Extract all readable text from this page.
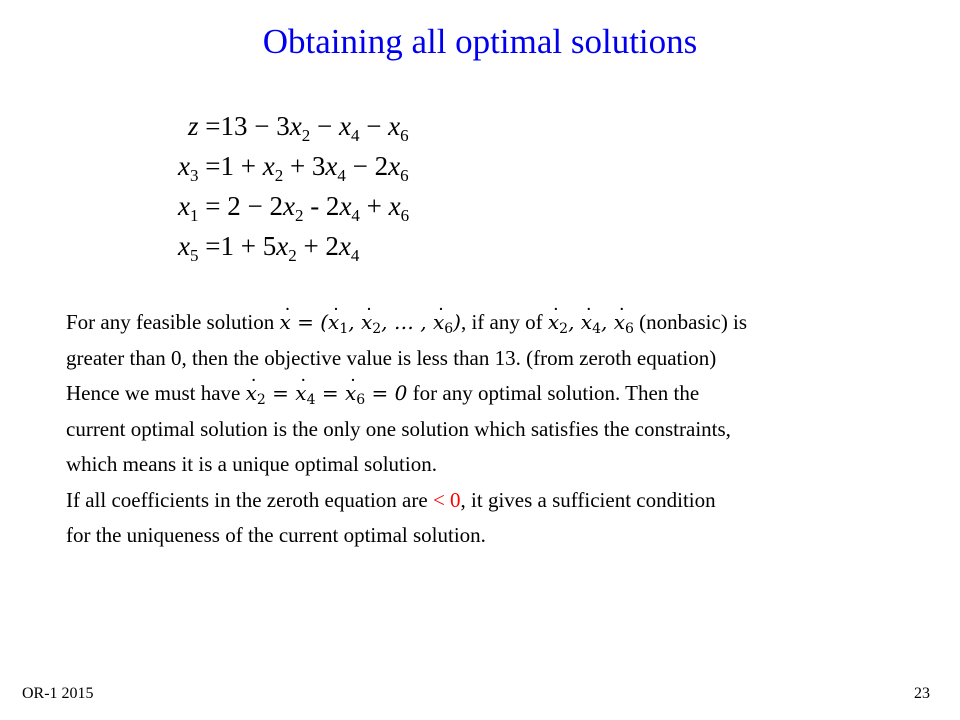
Obtaining all optimal solutions
$z =13 - 3x_2 - x_4 - x_6$
$x_3 =1 + x_2 + 3x_4 - 2x_6$
$x_1 = 2 - 2x_2 - 2x_4 + x_6$
$x_5 =1 + 5x_2 + 2x_4$

For any feasible solution x ˙ = (x $˙_1$, x $˙_2$, … , x $˙_6$), if any of x $˙_2$, x $˙_4$, x $˙_6$ (nonbasic) is

greater than 0, then the objective value is less than 13. (from zeroth equation)

Hence we must have x $˙_2 = x$ $˙_4 = x$ $˙_6 = 0$ for any optimal solution. Then the

current optimal solution is the only one solution which satisfies the constraints,

which means it is a unique optimal solution.

If all coefficients in the zeroth equation are < 0, it gives a sufficient condition

for the uniqueness of the current optimal solution.

OR-1 2015	23
